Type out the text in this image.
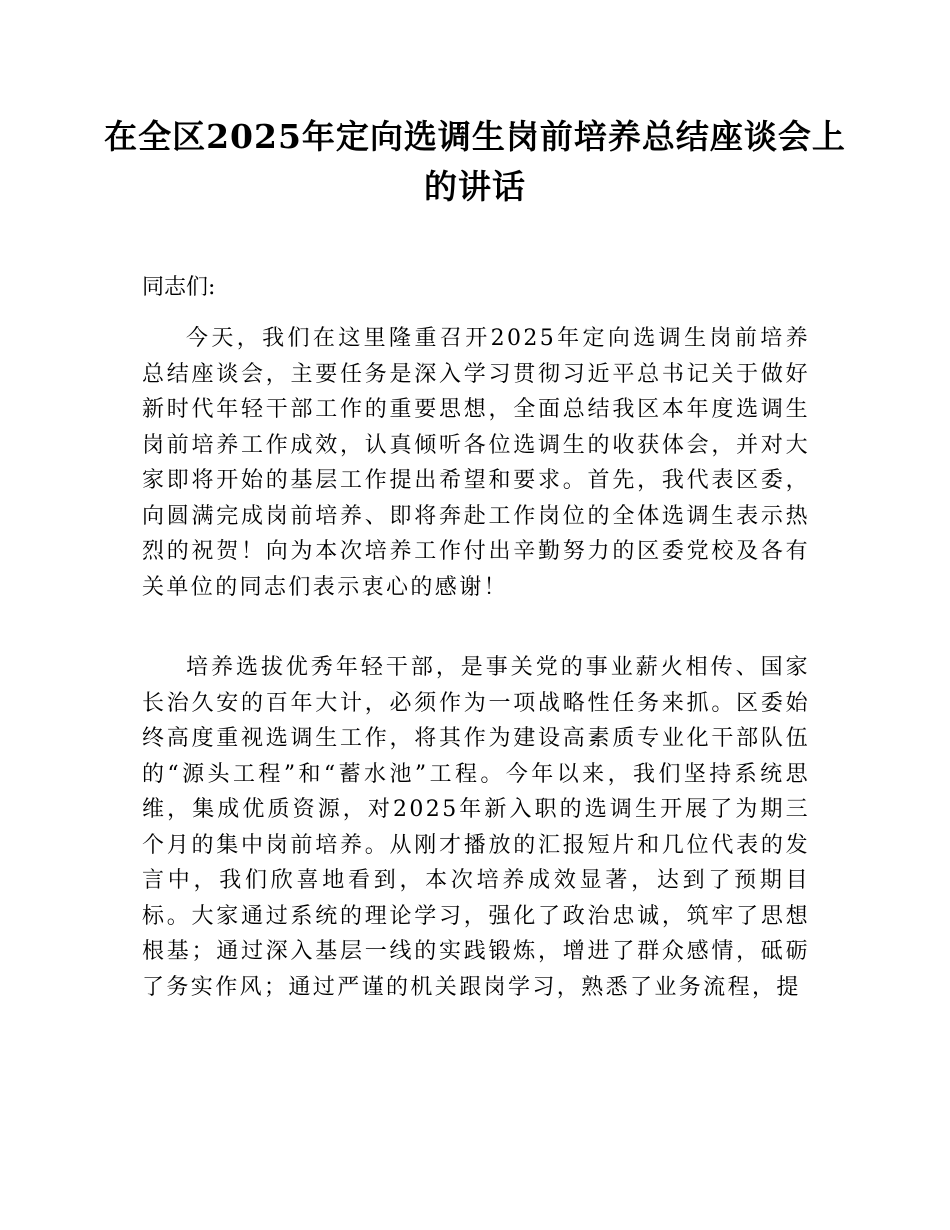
在全区2025年定向选调生岗前培养总结座谈会上的讲话

同志们:

今天，我们在这里隆重召开2025年定向选调生岗前培养总结座谈会，主要任务是深入学习贯彻习近平总书记关于做好新时代年轻干部工作的重要思想，全面总结我区本年度选调生岗前培养工作成效，认真倾听各位选调生的收获体会，并对大家即将开始的基层工作提出希望和要求。首先，我代表区委，向圆满完成岗前培养、即将奔赴工作岗位的全体选调生表示热烈的祝贺！向为本次培养工作付出辛勤努力的区委党校及各有关单位的同志们表示衷心的感谢！

培养选拔优秀年轻干部，是事关党的事业薪火相传、国家长治久安的百年大计，必须作为一项战略性任务来抓。区委始终高度重视选调生工作，将其作为建设高素质专业化干部队伍的“源头工程”和“蓄水池”工程。今年以来，我们坚持系统思维，集成优质资源，对2025年新入职的选调生开展了为期三个月的集中岗前培养。从刚才播放的汇报短片和几位代表的发言中，我们欣喜地看到，本次培养成效显著，达到了预期目标。大家通过系统的理论学习，强化了政治忠诚，筑牢了思想根基；通过深入基层一线的实践锻炼，增进了群众感情，砥砺了务实作风；通过严谨的机关跟岗学习，熟悉了业务流程，提
